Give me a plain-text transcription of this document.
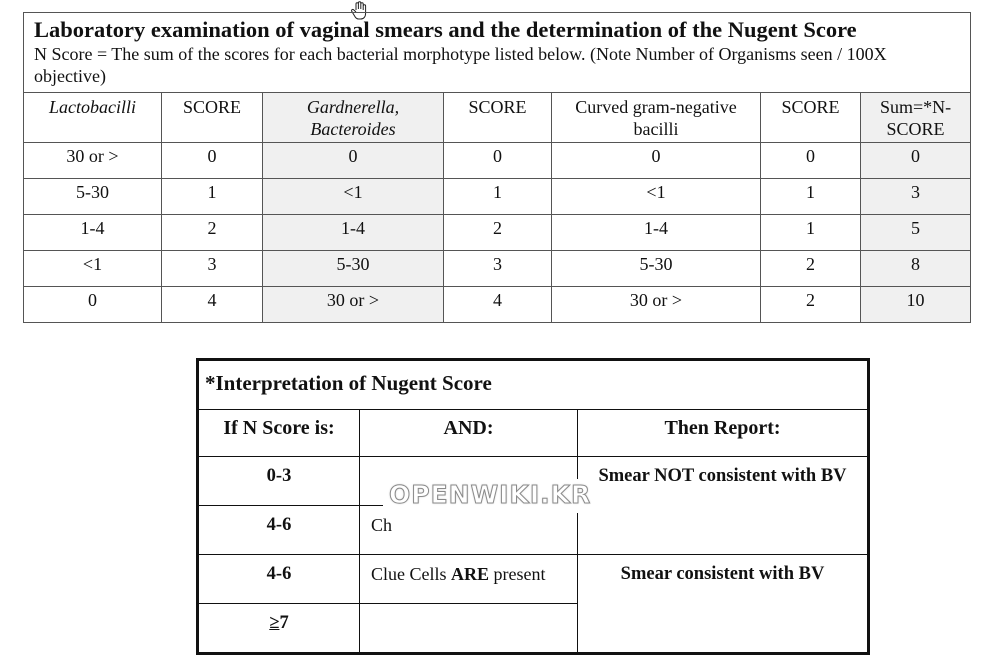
Laboratory examination of vaginal smears and the determination of the Nugent Score
N Score = The sum of the scores for each bacterial morphotype listed below. (Note Number of Organisms seen / 100X objective)						

Lactobacilli	SCORE	Gardnerella, Bacteroides	SCORE	Curved gram-negative bacilli	SCORE	Sum=*N-SCORE
30 or >	0	0	0	0	0	0
5-30	1	<1	1	<1	1	3
1-4	2	1-4	2	1-4	1	5
<1	3	5-30	3	5-30	2	8
0	4	30 or >	4	30 or >	2	10
*Interpretation of Nugent Score		
If N Score is:	AND:	Then Report:
0-3		Smear NOT consistent with BV
4-6	Ch	
4-6	Clue Cells ARE present	Smear consistent with BV
≥7		
OPENWIKI.KR
